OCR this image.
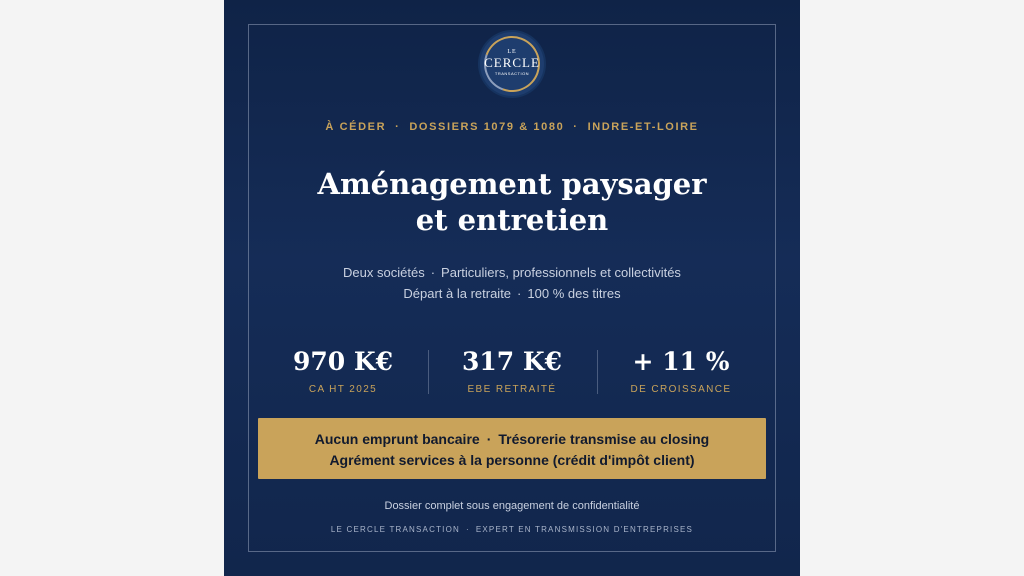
LE
CERCLE
TRANSACTION
À CÉDER · DOSSIERS 1079 & 1080 · INDRE-ET-LOIRE
Aménagement paysager
et entretien
Deux sociétés · Particuliers, professionnels et collectivités
Départ à la retraite · 100 % des titres
970 K€
CA HT 2025
317 K€
EBE RETRAITÉ
+ 11 %
DE CROISSANCE
Aucun emprunt bancaire · Trésorerie transmise au closing
Agrément services à la personne (crédit d'impôt client)
Dossier complet sous engagement de confidentialité
LE CERCLE TRANSACTION · EXPERT EN TRANSMISSION D'ENTREPRISES
